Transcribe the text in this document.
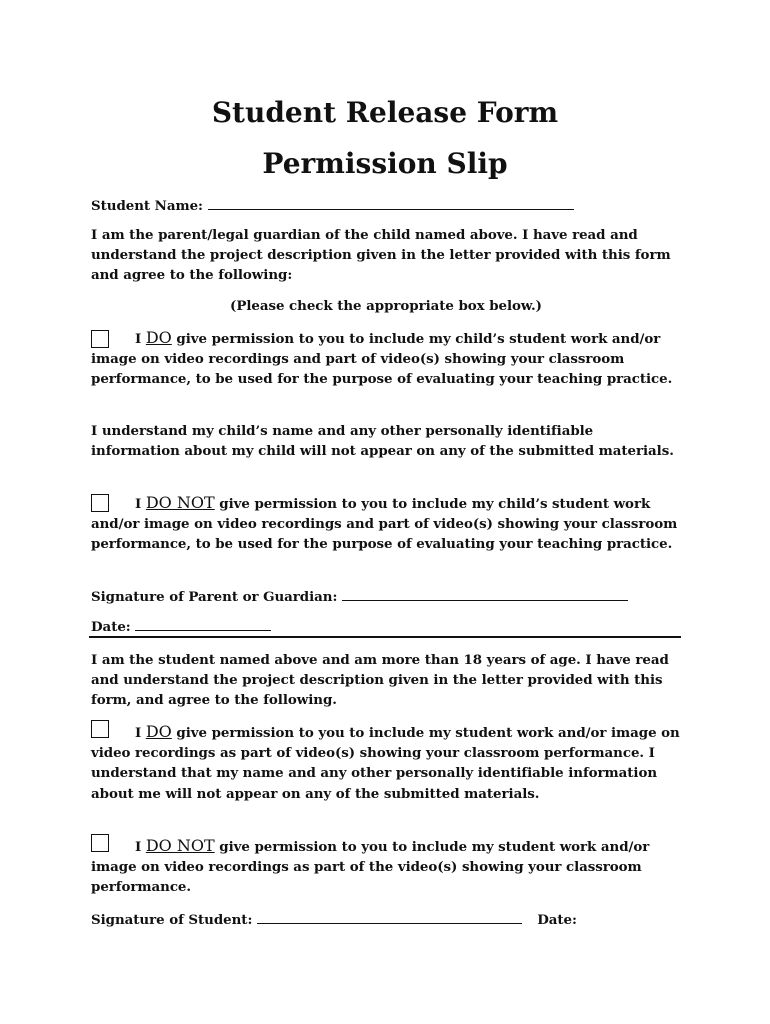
Student Release Form
Permission Slip
Student Name:
I am the parent/legal guardian of the child named above. I have read and understand the project description given in the letter provided with this form and agree to the following:
(Please check the appropriate box below.)
I DO give permission to you to include my child’s student work and/or image on video recordings and part of video(s) showing your classroom performance, to be used for the purpose of evaluating your teaching practice.
I understand my child’s name and any other personally identifiable information about my child will not appear on any of the submitted materials.
I DO NOT give permission to you to include my child’s student work and/or image on video recordings and part of video(s) showing your classroom performance, to be used for the purpose of evaluating your teaching practice.
Signature of Parent or Guardian:
Date:
I am the student named above and am more than 18 years of age. I have read and understand the project description given in the letter provided with this form, and agree to the following.
I DO give permission to you to include my student work and/or image on video recordings as part of video(s) showing your classroom performance. I understand that my name and any other personally identifiable information about me will not appear on any of the submitted materials.
I DO NOT give permission to you to include my student work and/or image on video recordings as part of the video(s) showing your classroom performance.
Signature of Student:	Date:
